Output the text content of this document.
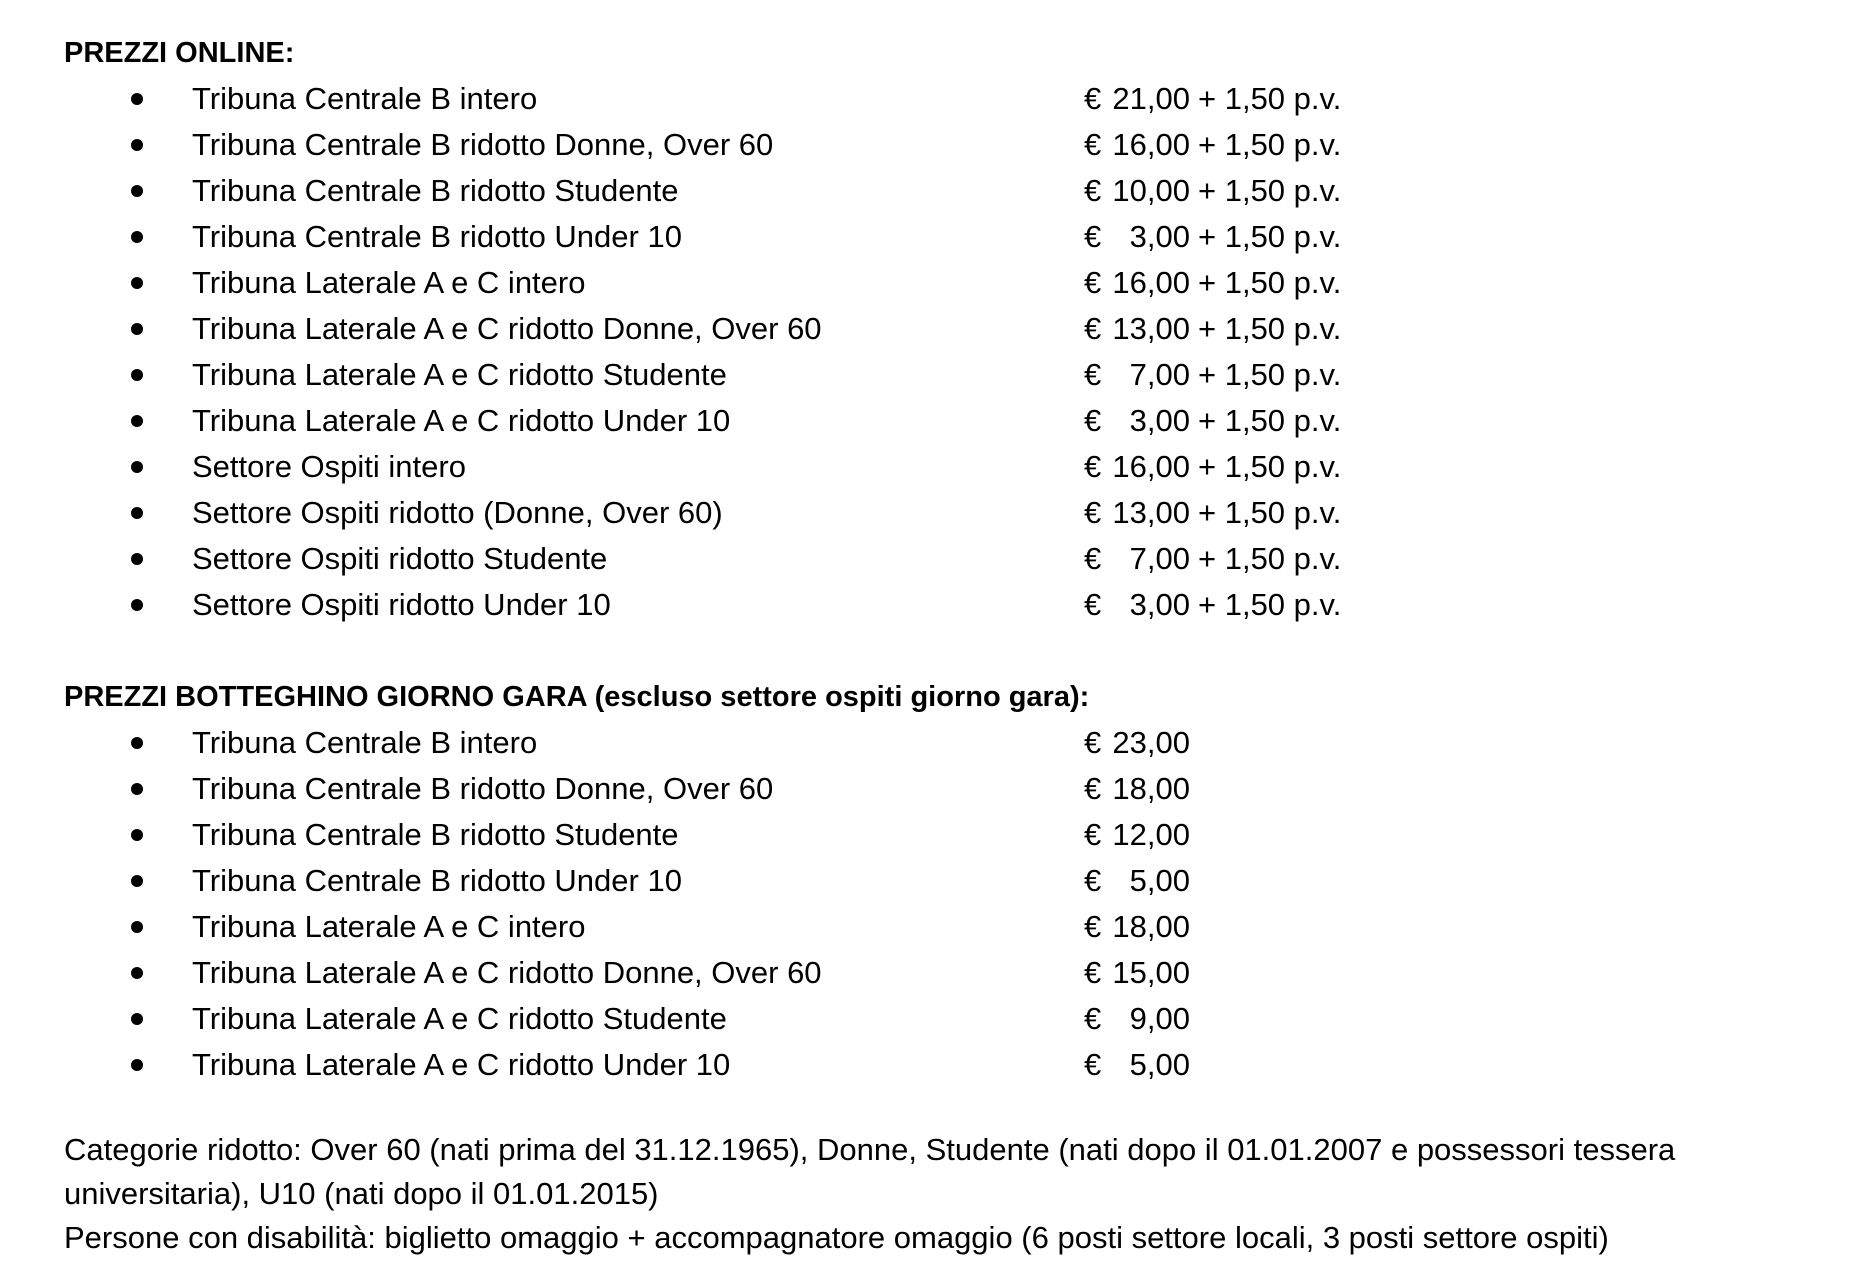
PREZZI ONLINE:
Tribuna Centrale B intero	€ 21,00 + 1,50 p.v.
Tribuna Centrale B ridotto Donne, Over 60	€ 16,00 + 1,50 p.v.
Tribuna Centrale B ridotto Studente	€ 10,00 + 1,50 p.v.
Tribuna Centrale B ridotto Under 10	€ 3,00 + 1,50 p.v.
Tribuna Laterale A e C intero	€ 16,00 + 1,50 p.v.
Tribuna Laterale A e C ridotto Donne, Over 60	€ 13,00 + 1,50 p.v.
Tribuna Laterale A e C ridotto Studente	€ 7,00 + 1,50 p.v.
Tribuna Laterale A e C ridotto Under 10	€ 3,00 + 1,50 p.v.
Settore Ospiti intero	€ 16,00 + 1,50 p.v.
Settore Ospiti ridotto (Donne, Over 60)	€ 13,00 + 1,50 p.v.
Settore Ospiti ridotto Studente	€ 7,00 + 1,50 p.v.
Settore Ospiti ridotto Under 10	€ 3,00 + 1,50 p.v.
PREZZI BOTTEGHINO GIORNO GARA (escluso settore ospiti giorno gara):
Tribuna Centrale B intero	€ 23,00
Tribuna Centrale B ridotto Donne, Over 60	€ 18,00
Tribuna Centrale B ridotto Studente	€ 12,00
Tribuna Centrale B ridotto Under 10	€ 5,00
Tribuna Laterale A e C intero	€ 18,00
Tribuna Laterale A e C ridotto Donne, Over 60	€ 15,00
Tribuna Laterale A e C ridotto Studente	€ 9,00
Tribuna Laterale A e C ridotto Under 10	€ 5,00

Categorie ridotto: Over 60 (nati prima del 31.12.1965), Donne, Studente (nati dopo il 01.01.2007 e possessori tessera universitaria), U10 (nati dopo il 01.01.2015)

Persone con disabilità: biglietto omaggio + accompagnatore omaggio (6 posti settore locali, 3 posti settore ospiti)
